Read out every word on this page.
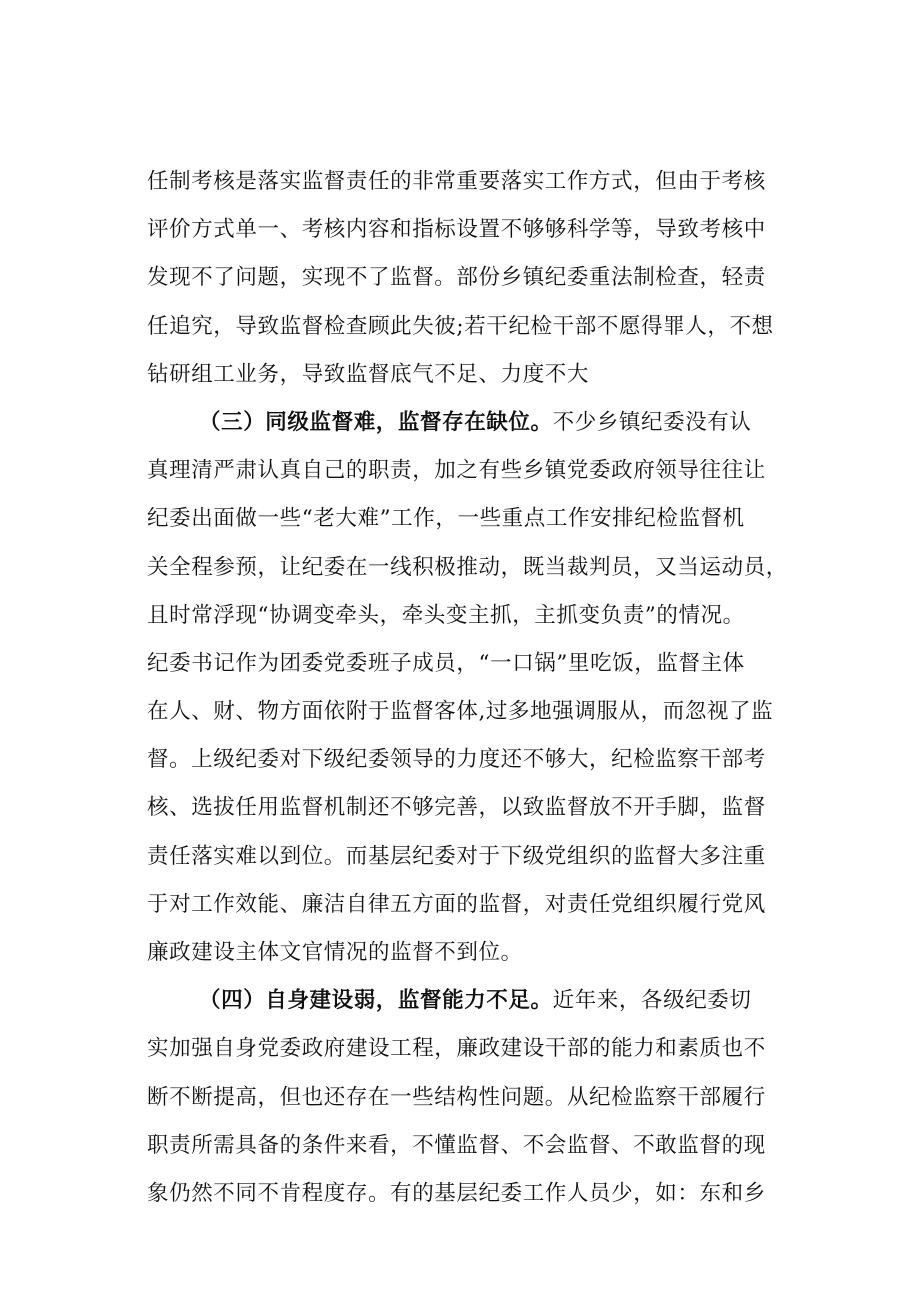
任制考核是落实监督责任的非常重要落实工作方式，但由于考核
评价方式单一、考核内容和指标设置不够够科学等，导致考核中
发现不了问题，实现不了监督。部份乡镇纪委重法制检查，轻责
任追究，导致监督检查顾此失彼;若干纪检干部不愿得罪人，不想
钻研组工业务，导致监督底气不足、力度不大
（三）同级监督难，监督存在缺位。不少乡镇纪委没有认
真理清严肃认真自己的职责，加之有些乡镇党委政府领导往往让
纪委出面做一些“老大难”工作，一些重点工作安排纪检监督机
关全程参预，让纪委在一线积极推动，既当裁判员，又当运动员，
且时常浮现“协调变牵头，牵头变主抓，主抓变负责”的情况。
纪委书记作为团委党委班子成员，“一口锅”里吃饭，监督主体
在人、财、物方面依附于监督客体,过多地强调服从，而忽视了监
督。上级纪委对下级纪委领导的力度还不够大，纪检监察干部考
核、选拔任用监督机制还不够完善，以致监督放不开手脚，监督
责任落实难以到位。而基层纪委对于下级党组织的监督大多注重
于对工作效能、廉洁自律五方面的监督，对责任党组织履行党风
廉政建设主体文官情况的监督不到位。
（四）自身建设弱，监督能力不足。近年来，各级纪委切
实加强自身党委政府建设工程，廉政建设干部的能力和素质也不
断不断提高，但也还存在一些结构性问题。从纪检监察干部履行
职责所需具备的条件来看，不懂监督、不会监督、不敢监督的现
象仍然不同不肯程度存。有的基层纪委工作人员少，如：东和乡
